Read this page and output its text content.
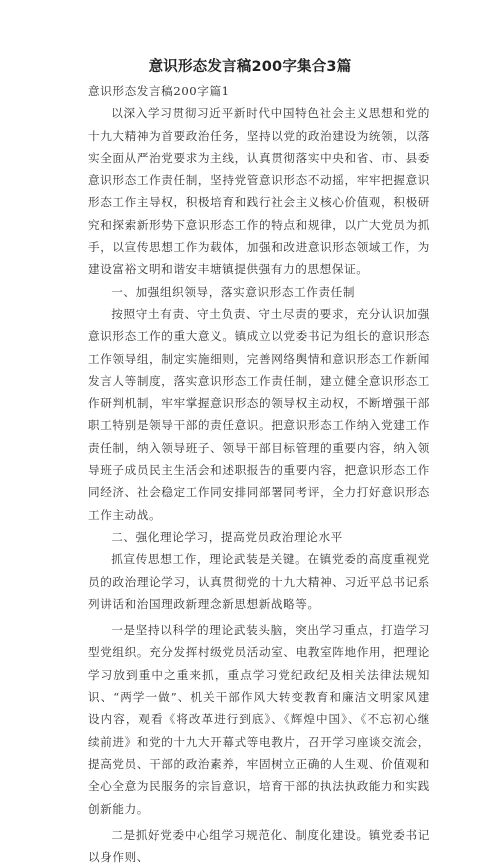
意识形态发言稿200字集合3篇

意识形态发言稿200字篇1

以深入学习贯彻习近平新时代中国特色社会主义思想和党的十九大精神为首要政治任务，坚持以党的政治建设为统领，以落实全面从严治党要求为主线，认真贯彻落实中央和省、市、县委意识形态工作责任制，坚持党管意识形态不动摇，牢牢把握意识形态工作主导权，积极培育和践行社会主义核心价值观，积极研究和探索新形势下意识形态工作的特点和规律，以广大党员为抓手，以宣传思想工作为载体，加强和改进意识形态领域工作，为建设富裕文明和谐安丰塘镇提供强有力的思想保证。

一、加强组织领导，落实意识形态工作责任制

按照守土有责、守土负责、守土尽责的要求，充分认识加强意识形态工作的重大意义。镇成立以党委书记为组长的意识形态工作领导组，制定实施细则，完善网络舆情和意识形态工作新闻发言人等制度，落实意识形态工作责任制，建立健全意识形态工作研判机制，牢牢掌握意识形态的领导权主动权，不断增强干部职工特别是领导干部的责任意识。把意识形态工作纳入党建工作责任制，纳入领导班子、领导干部目标管理的重要内容，纳入领导班子成员民主生活会和述职报告的重要内容，把意识形态工作同经济、社会稳定工作同安排同部署同考评，全力打好意识形态工作主动战。

二、强化理论学习，提高党员政治理论水平

抓宣传思想工作，理论武装是关键。在镇党委的高度重视党员的政治理论学习，认真贯彻党的十九大精神、习近平总书记系列讲话和治国理政新理念新思想新战略等。

一是坚持以科学的理论武装头脑，突出学习重点，打造学习型党组织。充分发挥村级党员活动室、电教室阵地作用，把理论学习放到重中之重来抓，重点学习党纪政纪及相关法律法规知识、“两学一做”、机关干部作风大转变教育和廉洁文明家风建设内容，观看《将改革进行到底》、《辉煌中国》、《不忘初心继续前进》和党的十九大开幕式等电教片，召开学习座谈交流会，提高党员、干部的政治素养，牢固树立正确的人生观、价值观和全心全意为民服务的宗旨意识，培育干部的执法执政能力和实践创新能力。

二是抓好党委中心组学习规范化、制度化建设。镇党委书记以身作则、
